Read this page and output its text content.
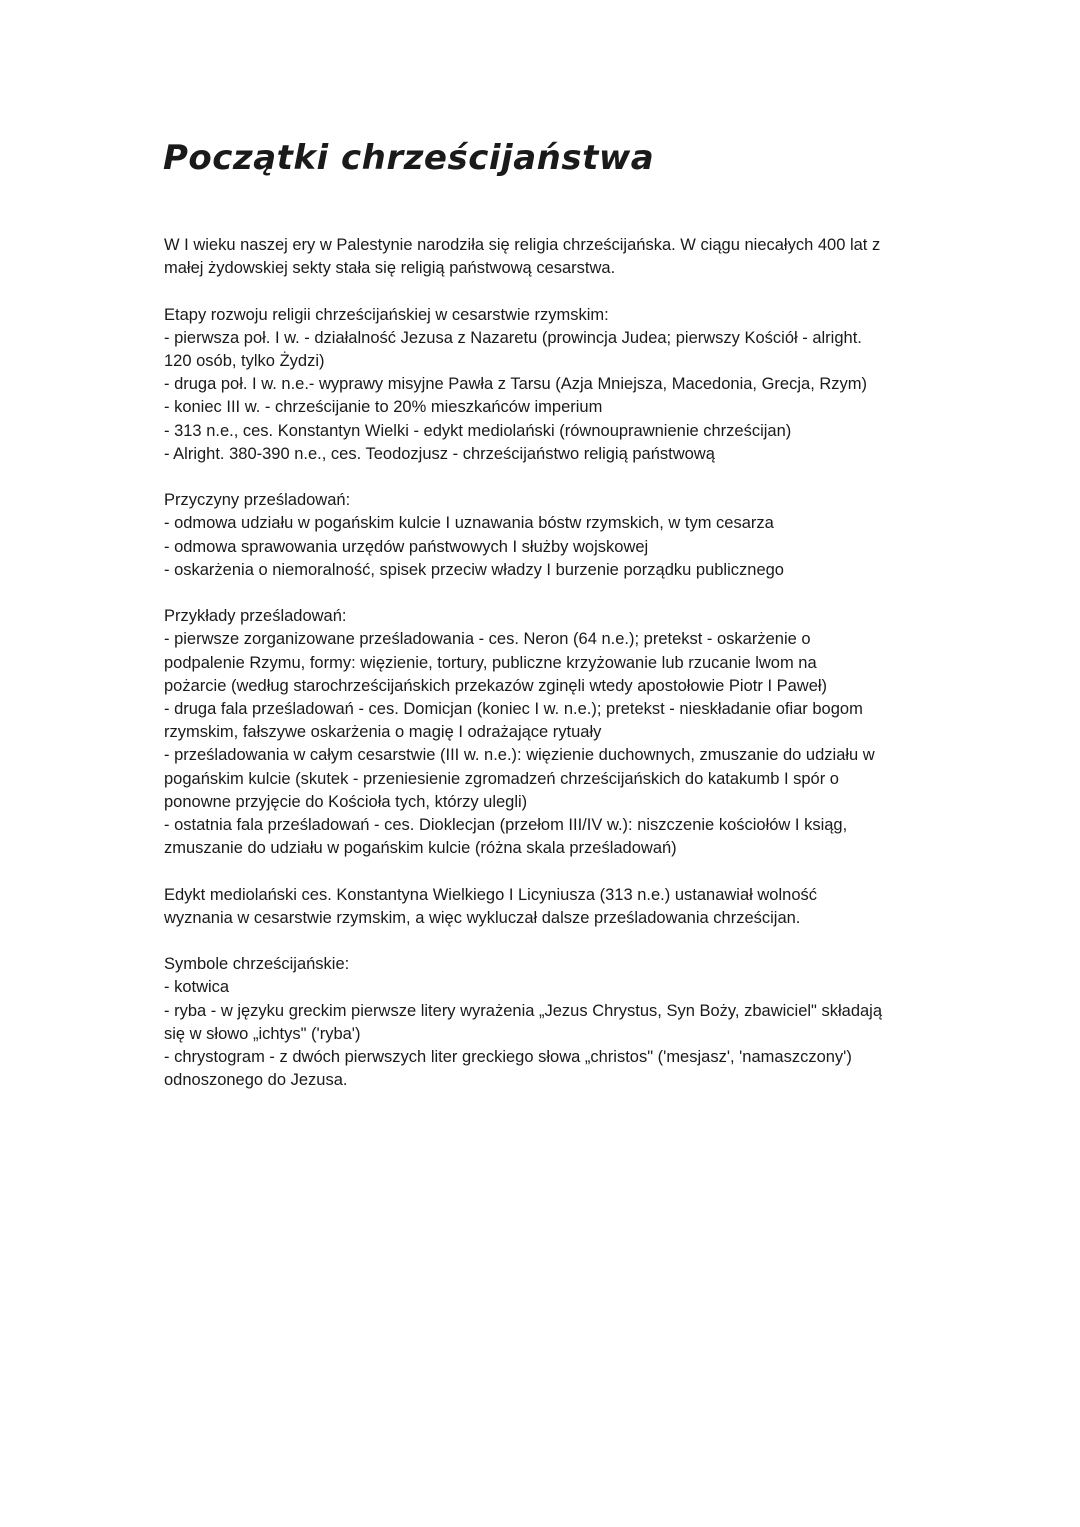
Początki chrześcijaństwa

W I wieku naszej ery w Palestynie narodziła się religia chrześcijańska. W ciągu niecałych 400 lat z
małej żydowskiej sekty stała się religią państwową cesarstwa.

Etapy rozwoju religii chrześcijańskiej w cesarstwie rzymskim:
- pierwsza poł. I w. - działalność Jezusa z Nazaretu (prowincja Judea; pierwszy Kościół - alright.
120 osób, tylko Żydzi)
- druga poł. I w. n.e.- wyprawy misyjne Pawła z Tarsu (Azja Mniejsza, Macedonia, Grecja, Rzym)
- koniec III w. - chrześcijanie to 20% mieszkańców imperium
- 313 n.e., ces. Konstantyn Wielki - edykt mediolański (równouprawnienie chrześcijan)
- Alright. 380-390 n.e., ces. Teodozjusz - chrześcijaństwo religią państwową

Przyczyny prześladowań:
- odmowa udziału w pogańskim kulcie I uznawania bóstw rzymskich, w tym cesarza
- odmowa sprawowania urzędów państwowych I służby wojskowej
- oskarżenia o niemoralność, spisek przeciw władzy I burzenie porządku publicznego

Przykłady prześladowań:
- pierwsze zorganizowane prześladowania - ces. Neron (64 n.e.); pretekst - oskarżenie o
podpalenie Rzymu, formy: więzienie, tortury, publiczne krzyżowanie lub rzucanie lwom na
pożarcie (według starochrześcijańskich przekazów zginęli wtedy apostołowie Piotr I Paweł)
- druga fala prześladowań - ces. Domicjan (koniec I w. n.e.); pretekst - nieskładanie ofiar bogom
rzymskim, fałszywe oskarżenia o magię I odrażające rytuały
- prześladowania w całym cesarstwie (III w. n.e.): więzienie duchownych, zmuszanie do udziału w
pogańskim kulcie (skutek - przeniesienie zgromadzeń chrześcijańskich do katakumb I spór o
ponowne przyjęcie do Kościoła tych, którzy ulegli)
- ostatnia fala prześladowań - ces. Dioklecjan (przełom III/IV w.): niszczenie kościołów I ksiąg,
zmuszanie do udziału w pogańskim kulcie (różna skala prześladowań)

Edykt mediolański ces. Konstantyna Wielkiego I Licyniusza (313 n.e.) ustanawiał wolność
wyznania w cesarstwie rzymskim, a więc wykluczał dalsze prześladowania chrześcijan.

Symbole chrześcijańskie:
- kotwica
- ryba - w języku greckim pierwsze litery wyrażenia „Jezus Chrystus, Syn Boży, zbawiciel" składają
się w słowo „ichtys" ('ryba')
- chrystogram - z dwóch pierwszych liter greckiego słowa „christos" ('mesjasz', 'namaszczony')
odnoszonego do Jezusa.
